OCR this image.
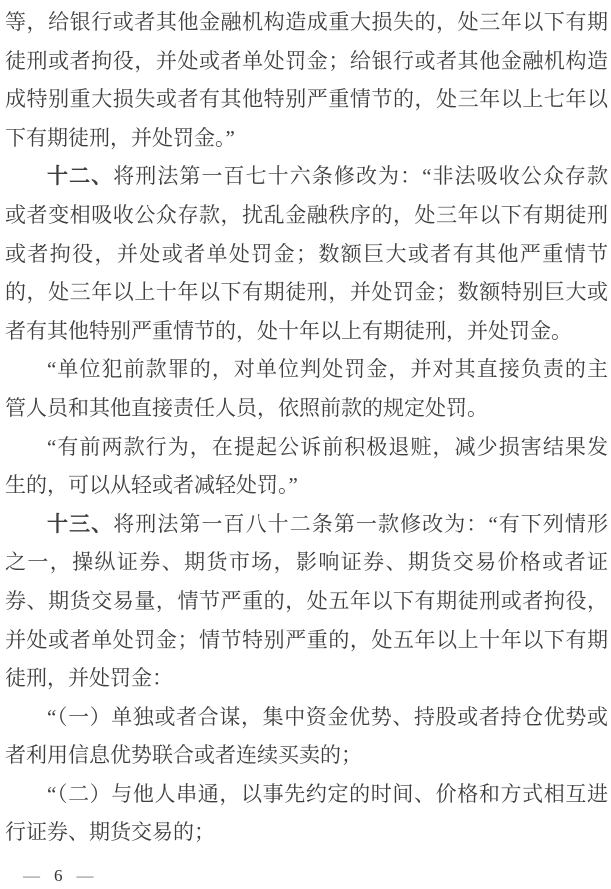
等，给银行或者其他金融机构造成重大损失的，处三年以下有期
徒刑或者拘役，并处或者单处罚金；给银行或者其他金融机构造
成特别重大损失或者有其他特别严重情节的，处三年以上七年以
下有期徒刑，并处罚金。”
十二、将刑法第一百七十六条修改为：“非法吸收公众存款
或者变相吸收公众存款，扰乱金融秩序的，处三年以下有期徒刑
或者拘役，并处或者单处罚金；数额巨大或者有其他严重情节
的，处三年以上十年以下有期徒刑，并处罚金；数额特别巨大或
者有其他特别严重情节的，处十年以上有期徒刑，并处罚金。
“单位犯前款罪的，对单位判处罚金，并对其直接负责的主
管人员和其他直接责任人员，依照前款的规定处罚。
“有前两款行为，在提起公诉前积极退赃，减少损害结果发
生的，可以从轻或者减轻处罚。”
十三、将刑法第一百八十二条第一款修改为：“有下列情形
之一，操纵证券、期货市场，影响证券、期货交易价格或者证
券、期货交易量，情节严重的，处五年以下有期徒刑或者拘役，
并处或者单处罚金；情节特别严重的，处五年以上十年以下有期
徒刑，并处罚金：
“（一）单独或者合谋，集中资金优势、持股或者持仓优势或
者利用信息优势联合或者连续买卖的；
“（二）与他人串通，以事先约定的时间、价格和方式相互进
行证券、期货交易的；
— 6 —
